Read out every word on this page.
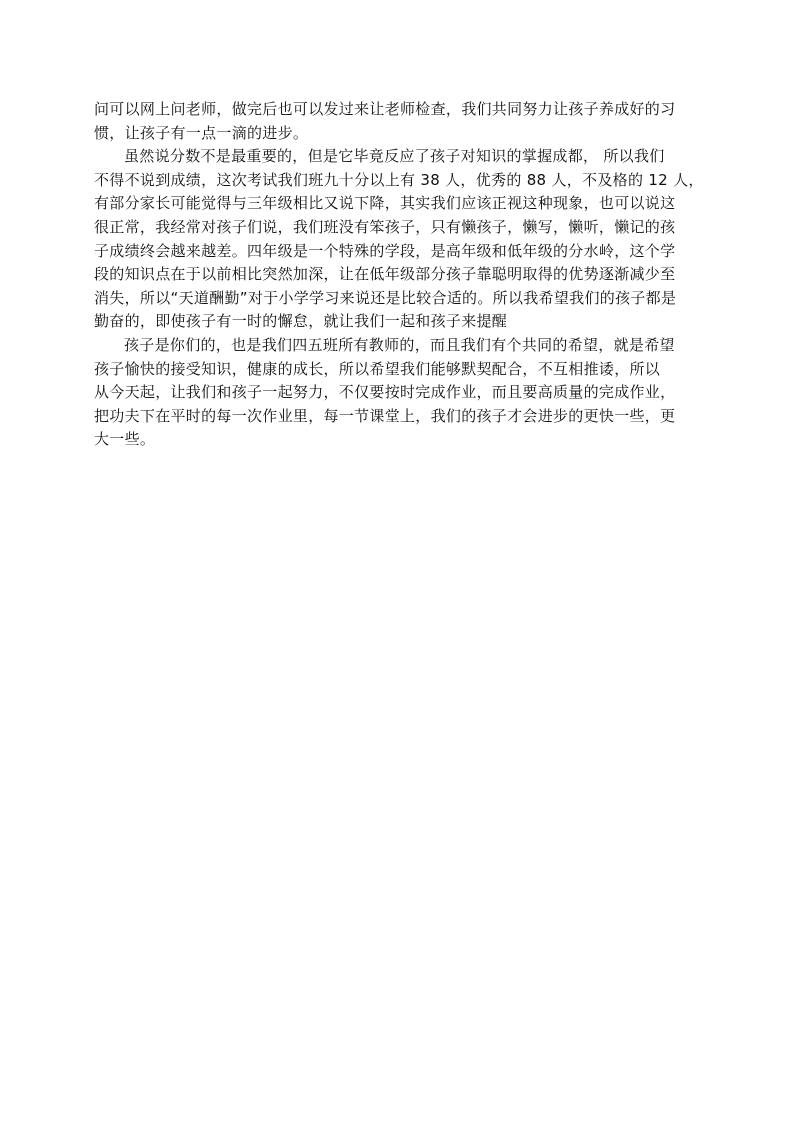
问可以网上问老师，做完后也可以发过来让老师检查，我们共同努力让孩子养成好的习
惯，让孩子有一点一滴的进步。
虽然说分数不是最重要的，但是它毕竟反应了孩子对知识的掌握成都， 所以我们
不得不说到成绩，这次考试我们班九十分以上有 38 人，优秀的 88 人，不及格的 12 人，
有部分家长可能觉得与三年级相比又说下降，其实我们应该正视这种现象，也可以说这
很正常，我经常对孩子们说，我们班没有笨孩子，只有懒孩子，懒写，懒听，懒记的孩
子成绩终会越来越差。四年级是一个特殊的学段，是高年级和低年级的分水岭，这个学
段的知识点在于以前相比突然加深，让在低年级部分孩子靠聪明取得的优势逐渐减少至
消失，所以“天道酬勤”对于小学学习来说还是比较合适的。所以我希望我们的孩子都是
勤奋的，即使孩子有一时的懈怠，就让我们一起和孩子来提醒
孩子是你们的，也是我们四五班所有教师的，而且我们有个共同的希望，就是希望
孩子愉快的接受知识，健康的成长，所以希望我们能够默契配合，不互相推诿，所以
从今天起，让我们和孩子一起努力，不仅要按时完成作业，而且要高质量的完成作业，
把功夫下在平时的每一次作业里，每一节课堂上，我们的孩子才会进步的更快一些，更
大一些。
